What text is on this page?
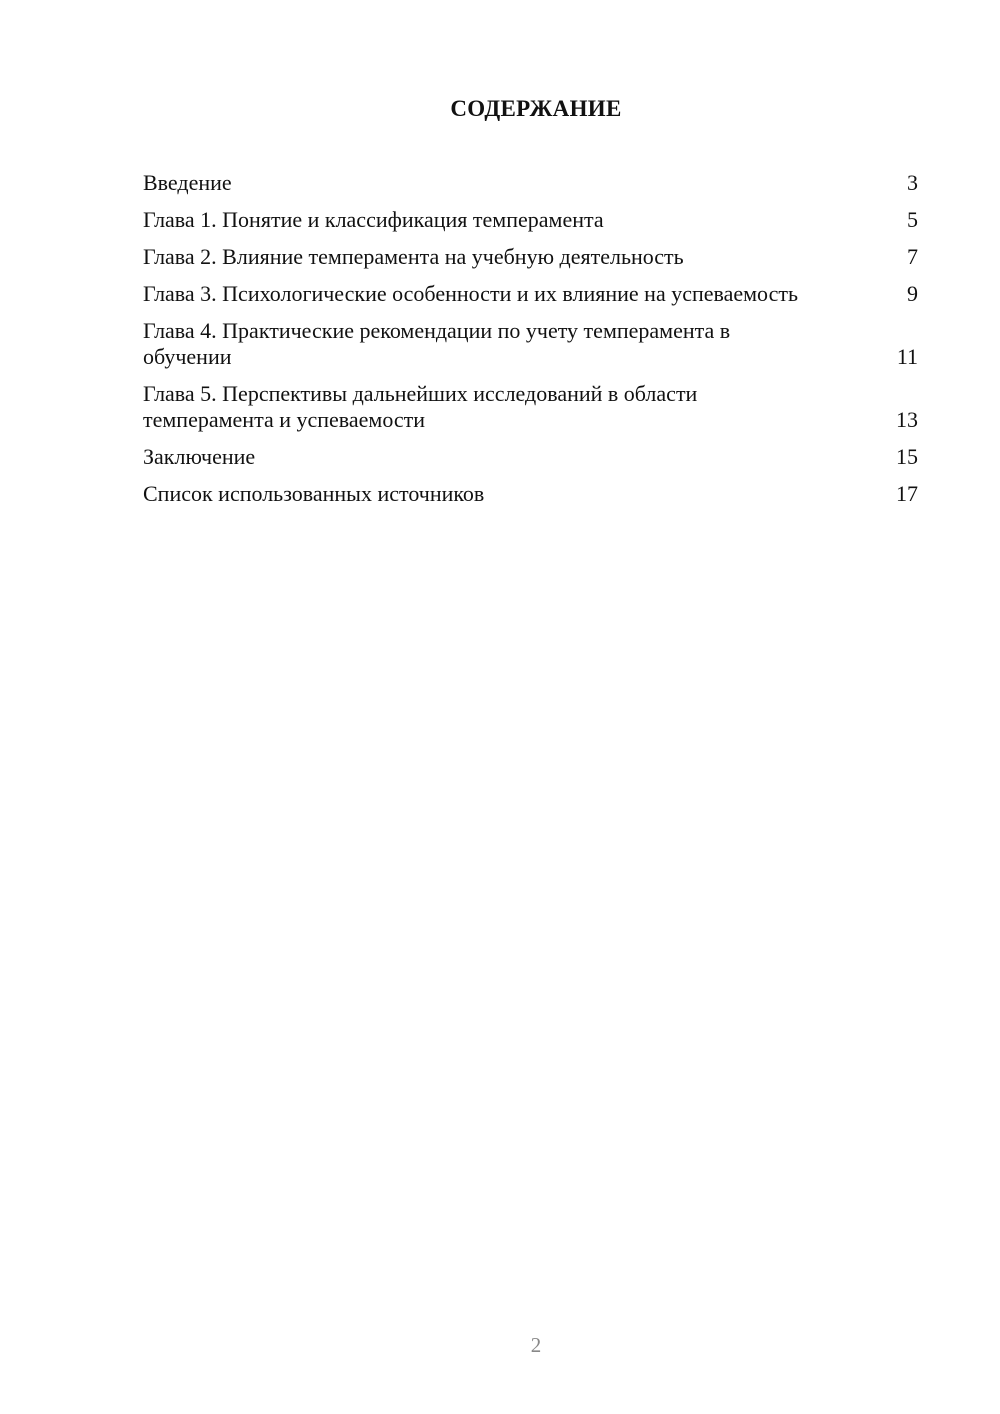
СОДЕРЖАНИЕ
Введение	3
Глава 1. Понятие и классификация темперамента	5
Глава 2. Влияние темперамента на учебную деятельность	7
Глава 3. Психологические особенности и их влияние на успеваемость	9
Глава 4. Практические рекомендации по учету темперамента в обучении	11
Глава 5. Перспективы дальнейших исследований в области темперамента и успеваемости	13
Заключение	15
Список использованных источников	17
2
